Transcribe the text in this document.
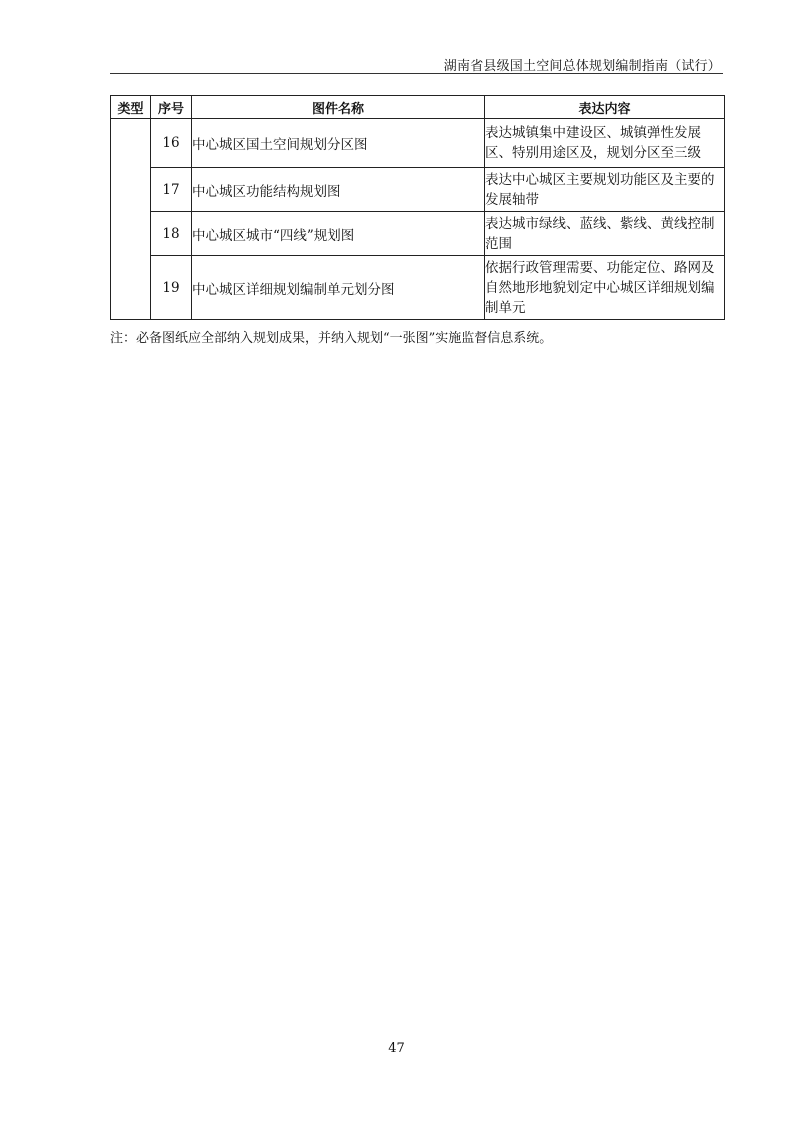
湖南省县级国土空间总体规划编制指南（试行）
类型	序号	图件名称	表达内容
	16	中心城区国土空间规划分区图	表达城镇集中建设区、城镇弹性发展区、特别用途区及，规划分区至三级
	17	中心城区功能结构规划图	表达中心城区主要规划功能区及主要的发展轴带
	18	中心城区城市“四线”规划图	表达城市绿线、蓝线、紫线、黄线控制范围
	19	中心城区详细规划编制单元划分图	依据行政管理需要、功能定位、路网及自然地形地貌划定中心城区详细规划编制单元
注：必备图纸应全部纳入规划成果，并纳入规划“一张图”实施监督信息系统。
47
